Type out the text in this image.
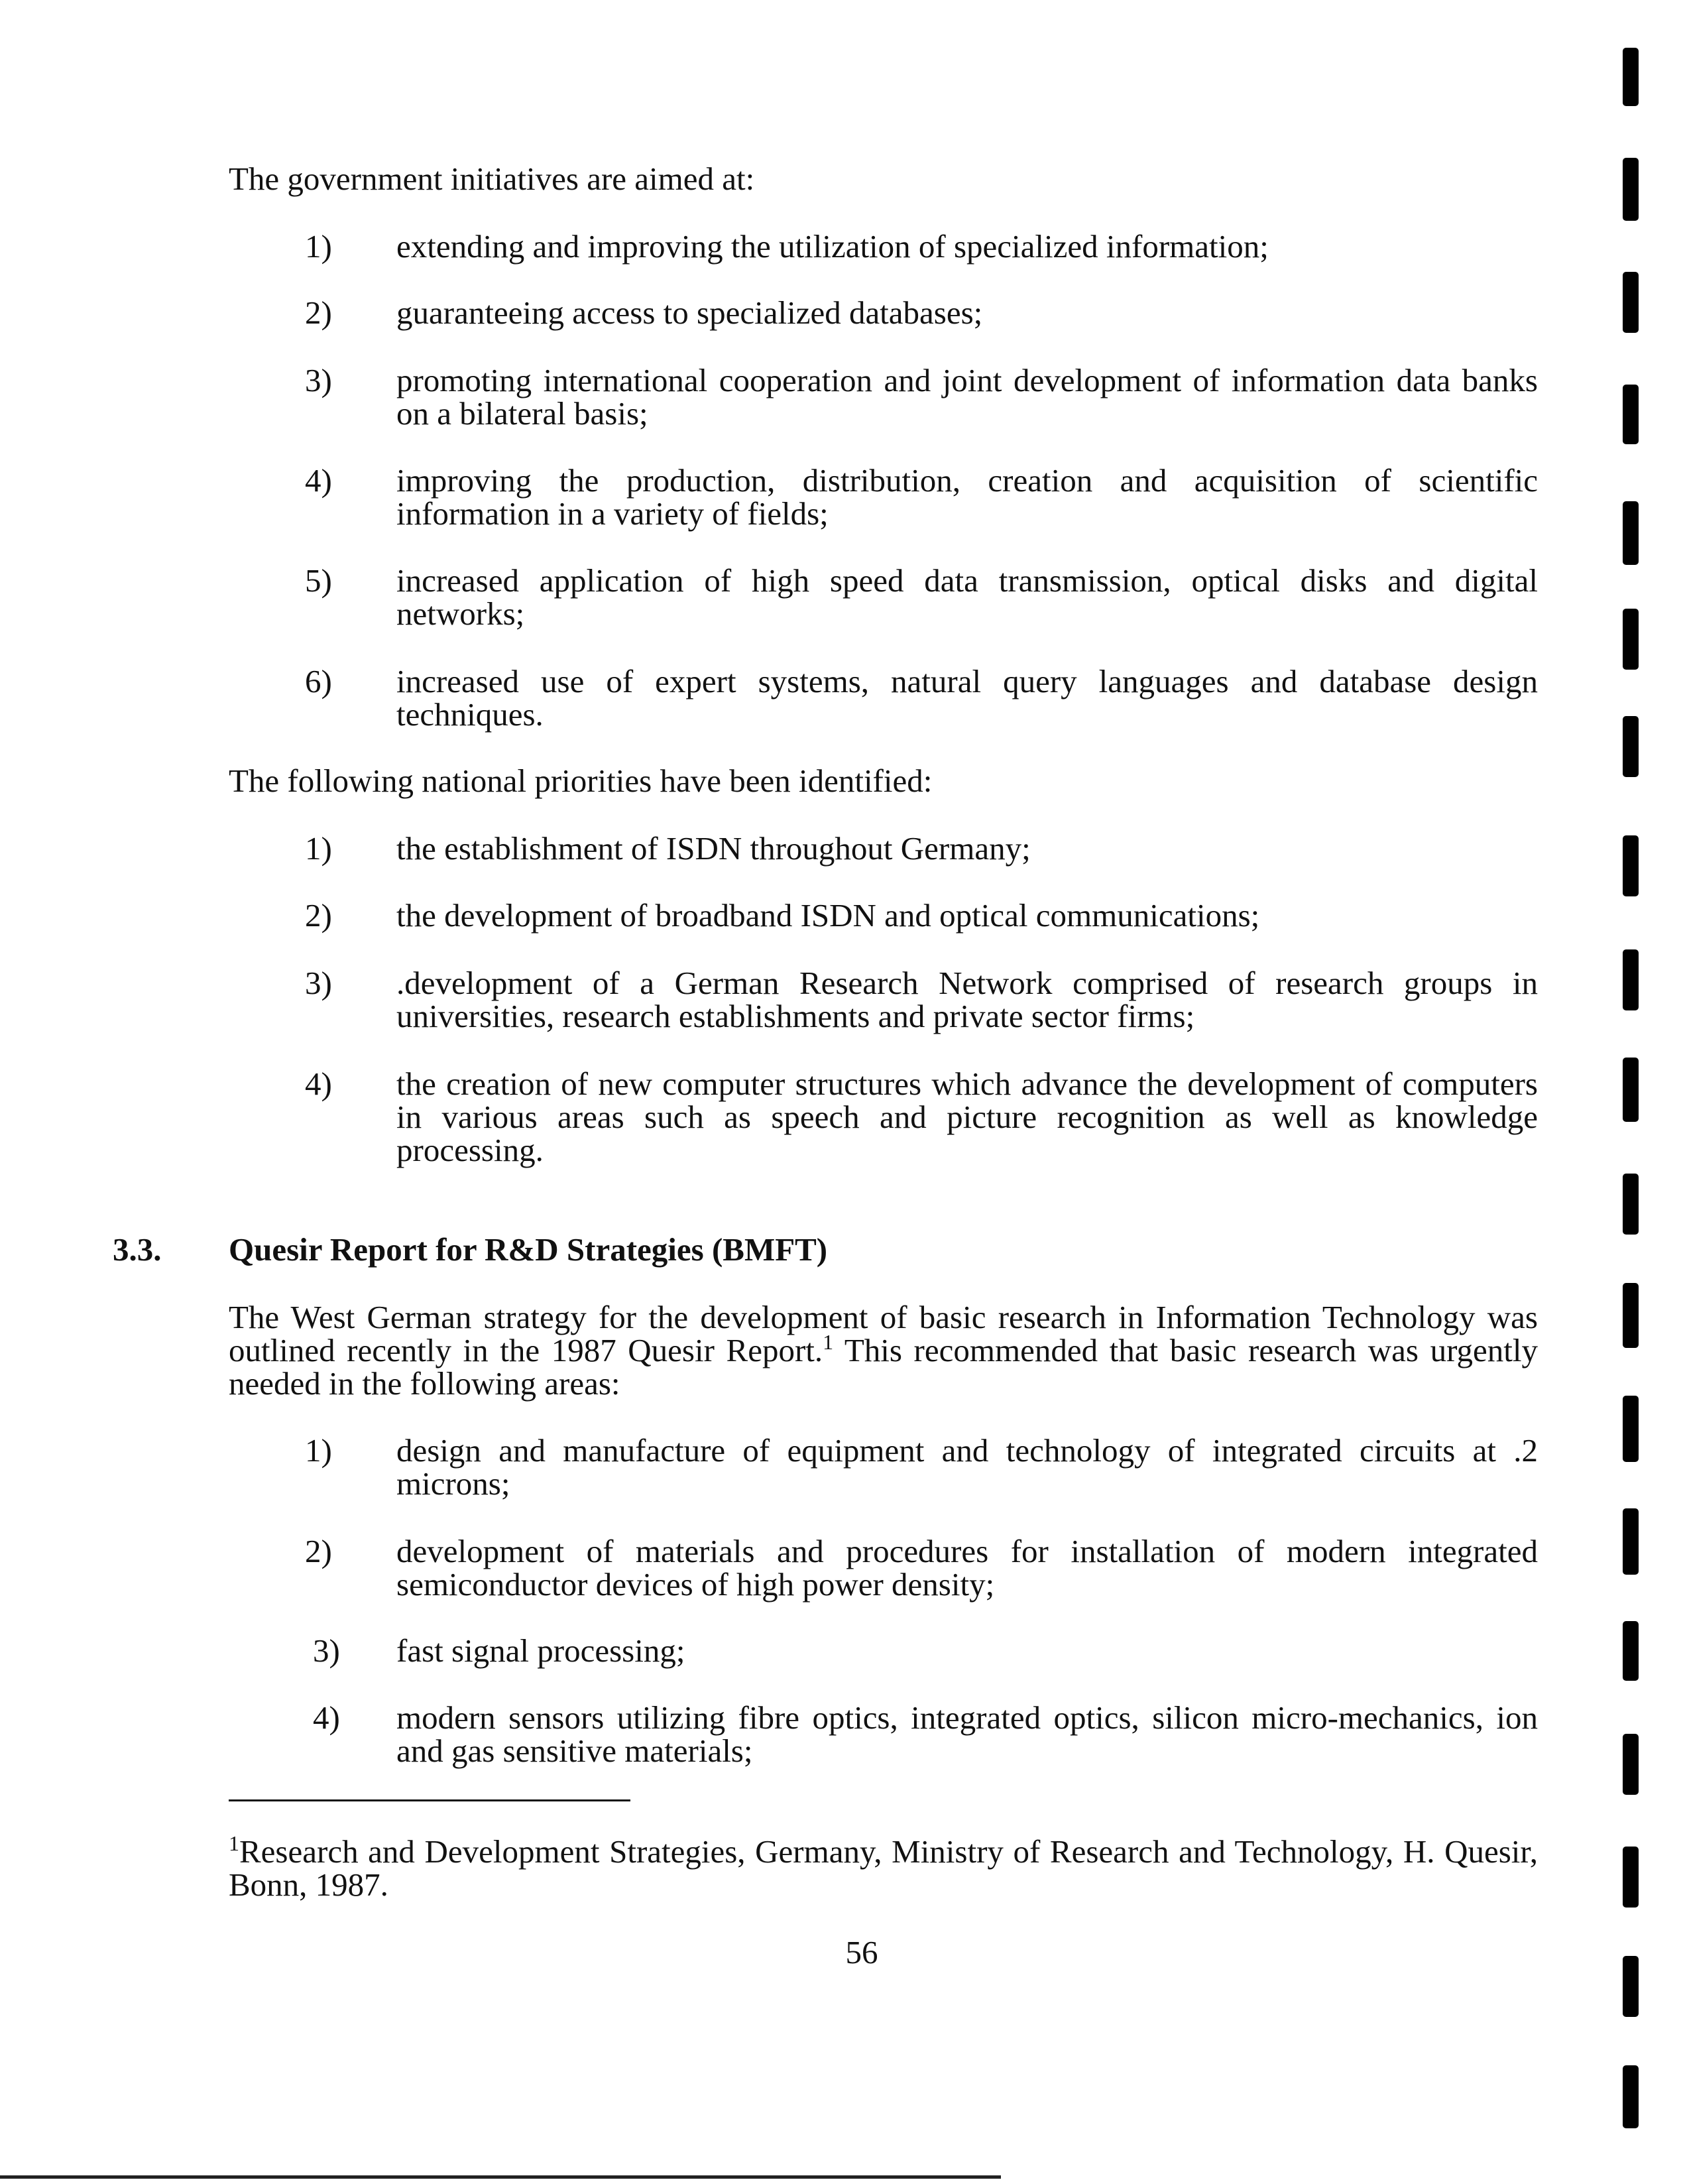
The government initiatives are aimed at:
1)	extending and improving the utilization of specialized information;
2)	guaranteeing access to specialized databases;
3)	promoting international cooperation and joint development of information data banks on a bilateral basis;
4)	improving the production, distribution, creation and acquisition of scientific information in a variety of fields;
5)	increased application of high speed data transmission, optical disks and digital networks;
6)	increased use of expert systems, natural query languages and database design techniques.
The following national priorities have been identified:
1)	the establishment of ISDN throughout Germany;
2)	the development of broadband ISDN and optical communications;
3)	.development of a German Research Network comprised of research groups in universities, research establishments and private sector firms;
4)	the creation of new computer structures which advance the development of computers in various areas such as speech and picture recognition as well as knowledge processing.
3.3. Quesir Report for R&D Strategies (BMFT)
The West German strategy for the development of basic research in Information Technology was outlined recently in the 1987 Quesir Report.$^1$ This recommended that basic research was urgently needed in the following areas:
1)	design and manufacture of equipment and technology of integrated circuits at .2 microns;
2)	development of materials and procedures for installation of modern integrated semiconductor devices of high power density;
3)	fast signal processing;
4)	modern sensors utilizing fibre optics, integrated optics, silicon micro-mechanics, ion and gas sensitive materials;
$^1$Research and Development Strategies, Germany, Ministry of Research and Technology, H. Quesir, Bonn, 1987.
56
